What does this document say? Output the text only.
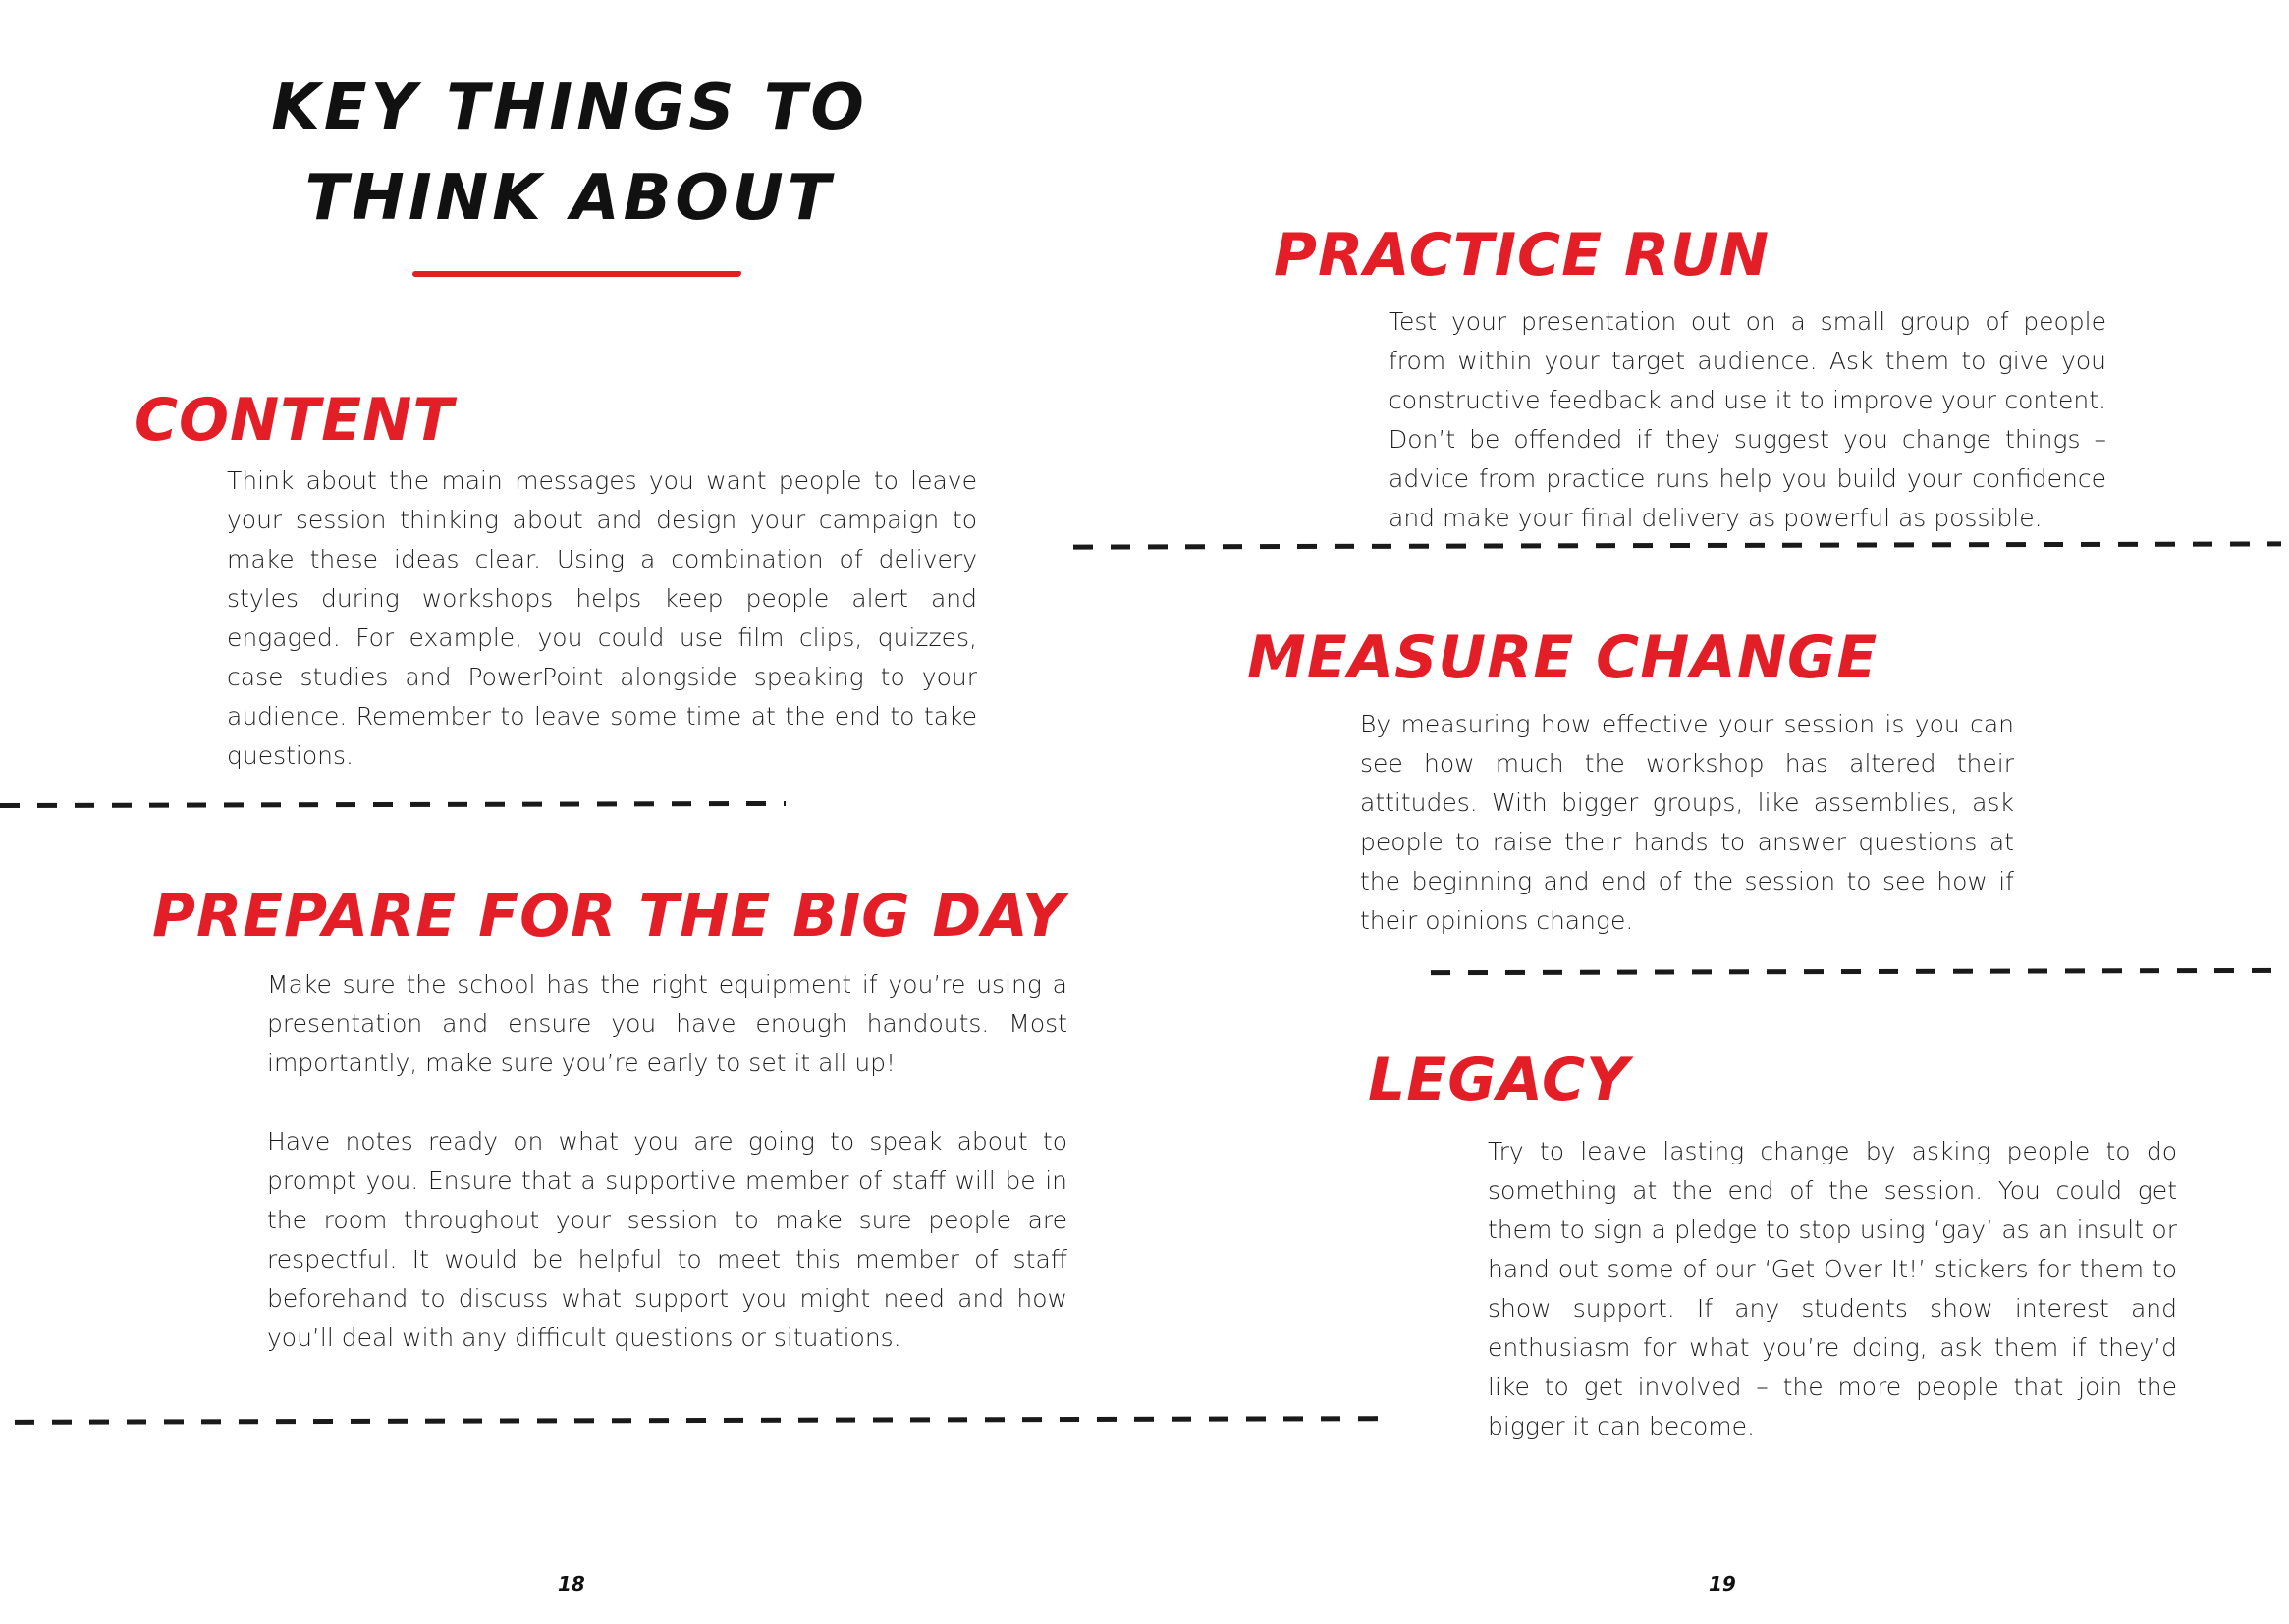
KEY THINGS TO
THINK ABOUT
CONTENT

Think about the main messages you want people to leave your session thinking about and design your campaign to make these ideas clear. Using a combination of delivery styles during workshops helps keep people alert and engaged. For example, you could use film clips, quizzes, case studies and PowerPoint alongside speaking to your audience. Remember to leave some time at the end to take questions.

PREPARE FOR THE BIG DAY

Make sure the school has the right equipment if you’re using a presentation and ensure you have enough handouts. Most importantly, make sure you’re early to set it all up!

Have notes ready on what you are going to speak about to prompt you. Ensure that a supportive member of staff will be in the room throughout your session to make sure people are respectful. It would be helpful to meet this member of staff beforehand to discuss what support you might need and how you’ll deal with any difficult questions or situations.

PRACTICE RUN

Test your presentation out on a small group of people from within your target audience. Ask them to give you constructive feedback and use it to improve your content. Don’t be offended if they suggest you change things – advice from practice runs help you build your confidence and make your final delivery as powerful as possible.

MEASURE CHANGE

By measuring how effective your session is you can see how much the workshop has altered their attitudes. With bigger groups, like assemblies, ask people to raise their hands to answer questions at the beginning and end of the session to see how if their opinions change.

LEGACY

Try to leave lasting change by asking people to do something at the end of the session. You could get them to sign a pledge to stop using ‘gay’ as an insult or hand out some of our ‘Get Over It!’ stickers for them to show support. If any students show interest and enthusiasm for what you’re doing, ask them if they’d like to get involved – the more people that join the bigger it can become.

18	19
